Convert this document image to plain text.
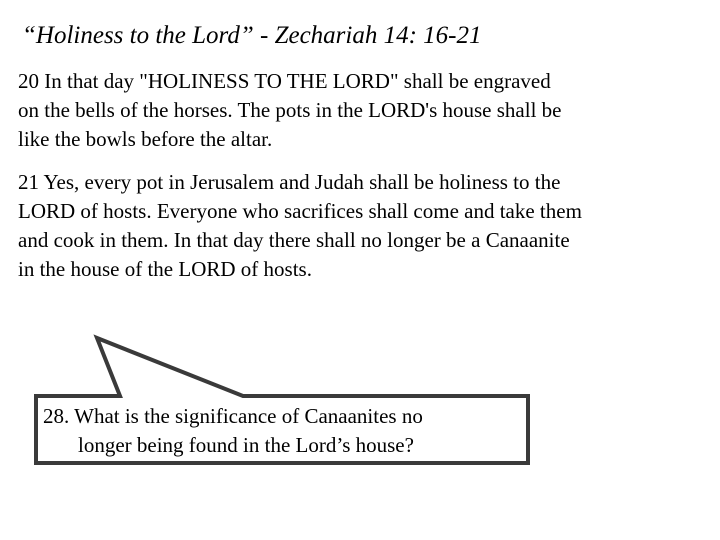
“Holiness to the Lord” - Zechariah 14: 16-21
20 In that day "HOLINESS TO THE LORD" shall be engraved
on the bells of the horses. The pots in the LORD's house shall be
like the bowls before the altar.
21 Yes, every pot in Jerusalem and Judah shall be holiness to the
LORD of hosts. Everyone who sacrifices shall come and take them
and cook in them. In that day there shall no longer be a Canaanite
in the house of the LORD of hosts.
28. What is the significance of Canaanites no
longer being found in the Lord’s house?
